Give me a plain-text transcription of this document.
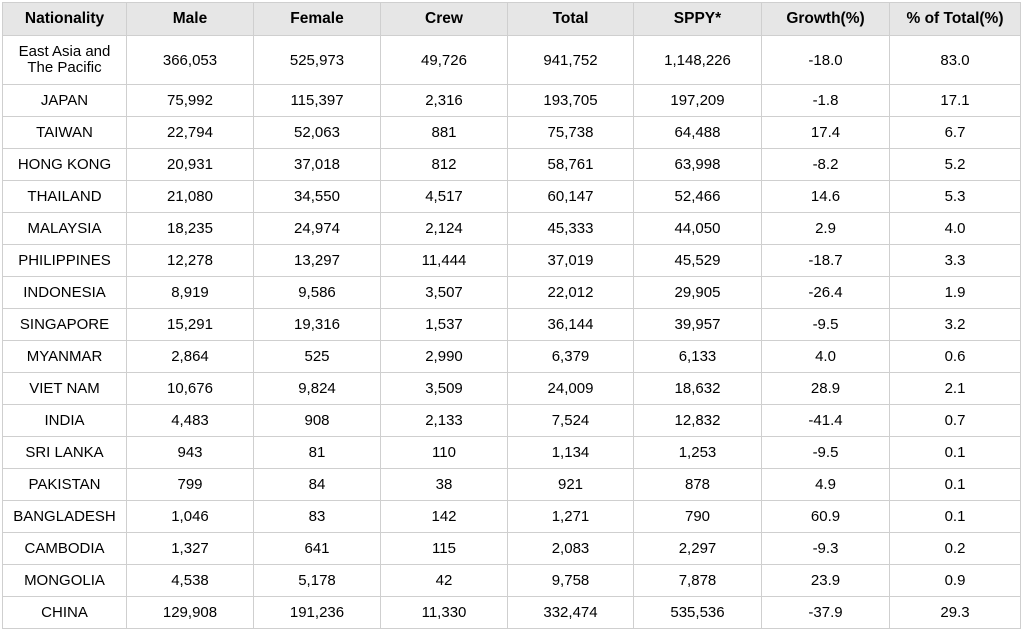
Nationality	Male	Female	Crew	Total	SPPY*	Growth(%)	% of Total(%)
East Asia and The Pacific	366,053	525,973	49,726	941,752	1,148,226	-18.0	83.0
JAPAN	75,992	115,397	2,316	193,705	197,209	-1.8	17.1
TAIWAN	22,794	52,063	881	75,738	64,488	17.4	6.7
HONG KONG	20,931	37,018	812	58,761	63,998	-8.2	5.2
THAILAND	21,080	34,550	4,517	60,147	52,466	14.6	5.3
MALAYSIA	18,235	24,974	2,124	45,333	44,050	2.9	4.0
PHILIPPINES	12,278	13,297	11,444	37,019	45,529	-18.7	3.3
INDONESIA	8,919	9,586	3,507	22,012	29,905	-26.4	1.9
SINGAPORE	15,291	19,316	1,537	36,144	39,957	-9.5	3.2
MYANMAR	2,864	525	2,990	6,379	6,133	4.0	0.6
VIET NAM	10,676	9,824	3,509	24,009	18,632	28.9	2.1
INDIA	4,483	908	2,133	7,524	12,832	-41.4	0.7
SRI LANKA	943	81	110	1,134	1,253	-9.5	0.1
PAKISTAN	799	84	38	921	878	4.9	0.1
BANGLADESH	1,046	83	142	1,271	790	60.9	0.1
CAMBODIA	1,327	641	115	2,083	2,297	-9.3	0.2
MONGOLIA	4,538	5,178	42	9,758	7,878	23.9	0.9
CHINA	129,908	191,236	11,330	332,474	535,536	-37.9	29.3
